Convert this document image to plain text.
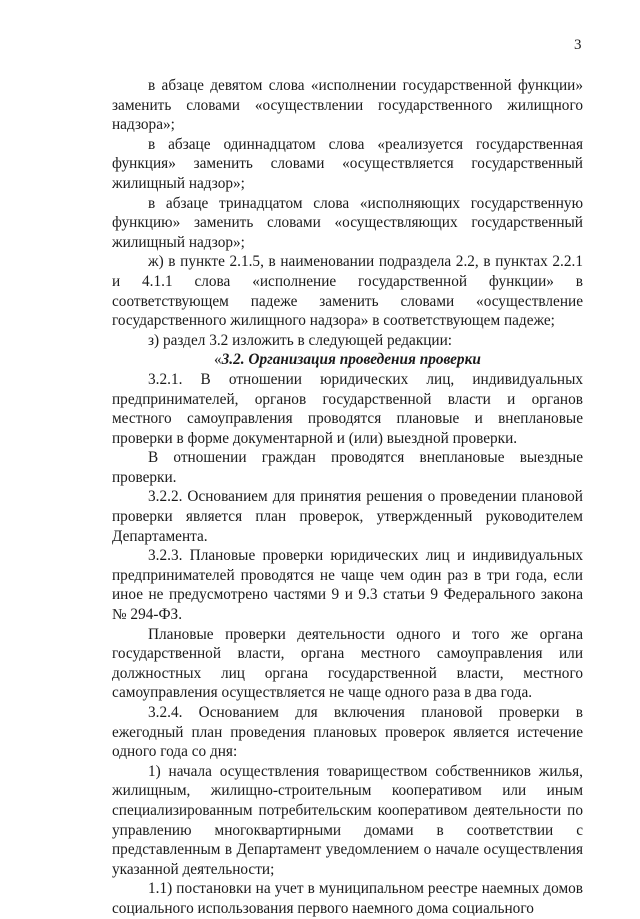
3

в абзаце девятом слова «исполнении государственной функции» заменить словами «осуществлении государственного жилищного надзора»;

в абзаце одиннадцатом слова «реализуется государственная функция» заменить словами «осуществляется государственный жилищный надзор»;

в абзаце тринадцатом слова «исполняющих государственную функцию» заменить словами «осуществляющих государственный жилищный надзор»;

ж) в пункте 2.1.5, в наименовании подраздела 2.2, в пунктах 2.2.1 и 4.1.1 слова «исполнение государственной функции» в соответствующем падеже заменить словами «осуществление государственного жилищного надзора» в соответствующем падеже;

з) раздел 3.2 изложить в следующей редакции:

«3.2. Организация проведения проверки

3.2.1. В отношении юридических лиц, индивидуальных предпринимателей, органов государственной власти и органов местного самоуправления проводятся плановые и внеплановые проверки в форме документарной и (или) выездной проверки.

В отношении граждан проводятся внеплановые выездные проверки.

3.2.2. Основанием для принятия решения о проведении плановой проверки является план проверок, утвержденный руководителем Департамента.

3.2.3. Плановые проверки юридических лиц и индивидуальных предпринимателей проводятся не чаще чем один раз в три года, если иное не предусмотрено частями 9 и 9.3 статьи 9 Федерального закона № 294-ФЗ.

Плановые проверки деятельности одного и того же органа государственной власти, органа местного самоуправления или должностных лиц органа государственной власти, местного самоуправления осуществляется не чаще одного раза в два года.

3.2.4. Основанием для включения плановой проверки в ежегодный план проведения плановых проверок является истечение одного года со дня:

1) начала осуществления товариществом собственников жилья, жилищным, жилищно-строительным кооперативом или иным специализированным потребительским кооперативом деятельности по управлению многоквартирными домами в соответствии с представленным в Департамент уведомлением о начале осуществления указанной деятельности;

1.1) постановки на учет в муниципальном реестре наемных домов социального использования первого наемного дома социального
